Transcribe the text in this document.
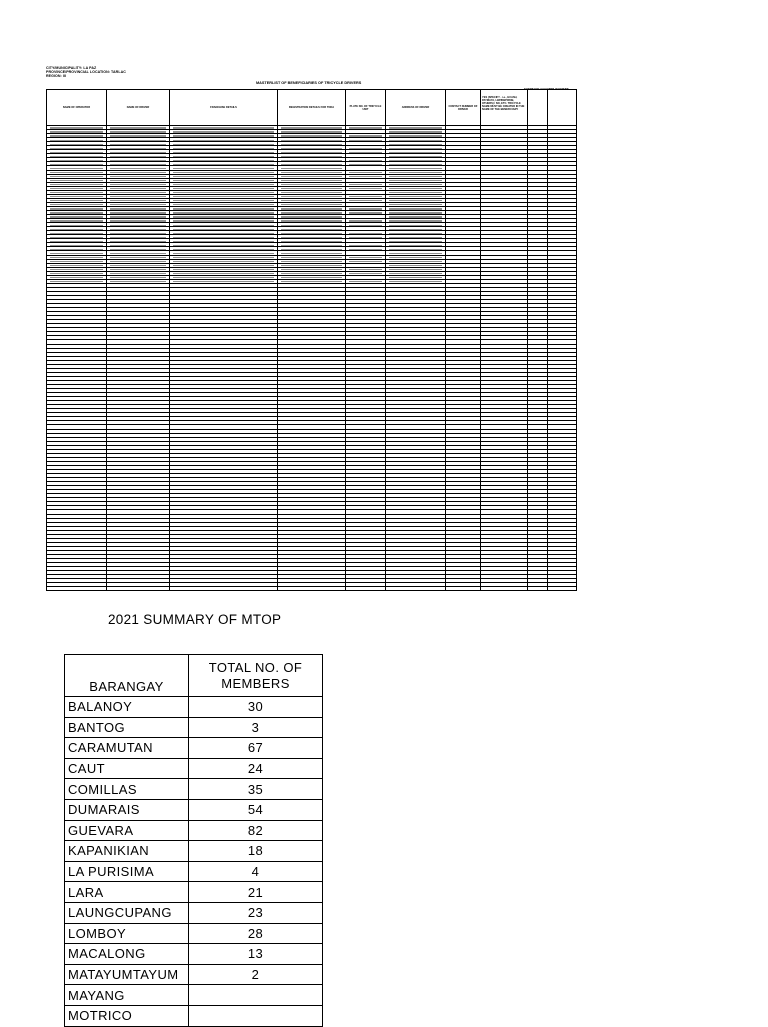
CITY/MUNICIPALITY: LA PAZ
PROVINCE/PROVINCIAL LOCATION: TARLAC
REGION: III
MASTERLIST OF BENEFICIARIES OF TRICYCLE DRIVERS
SUMMARY ACCOMPLISHMENT
NAME OF OPERATOR	NAME OF DRIVER	FRANCHISE DETAILS	REGISTRATION DETAILS FOR TODA	PLATE NO. OF TRICYCLE UNIT	ADDRESS OF DRIVER	CONTACT NUMBER OF DRIVER	YES (SPECIFY - i.e., GCASH, PAYMAYA, LBP/DBP/ROB, OTHERS) / NO, ETC. TRICYCLE NAME MUST BE CREATED IN THE NAME OF THE BENEFICIARY		

2021 SUMMARY OF MTOP
BARANGAY	TOTAL NO. OF MEMBERS
BALANOY	30
BANTOG	3
CARAMUTAN	67
CAUT	24
COMILLAS	35
DUMARAIS	54
GUEVARA	82
KAPANIKIAN	18
LA PURISIMA	4
LARA	21
LAUNGCUPANG	23
LOMBOY	28
MACALONG	13
MATAYUMTAYUM	2
MAYANG	
MOTRICO	
